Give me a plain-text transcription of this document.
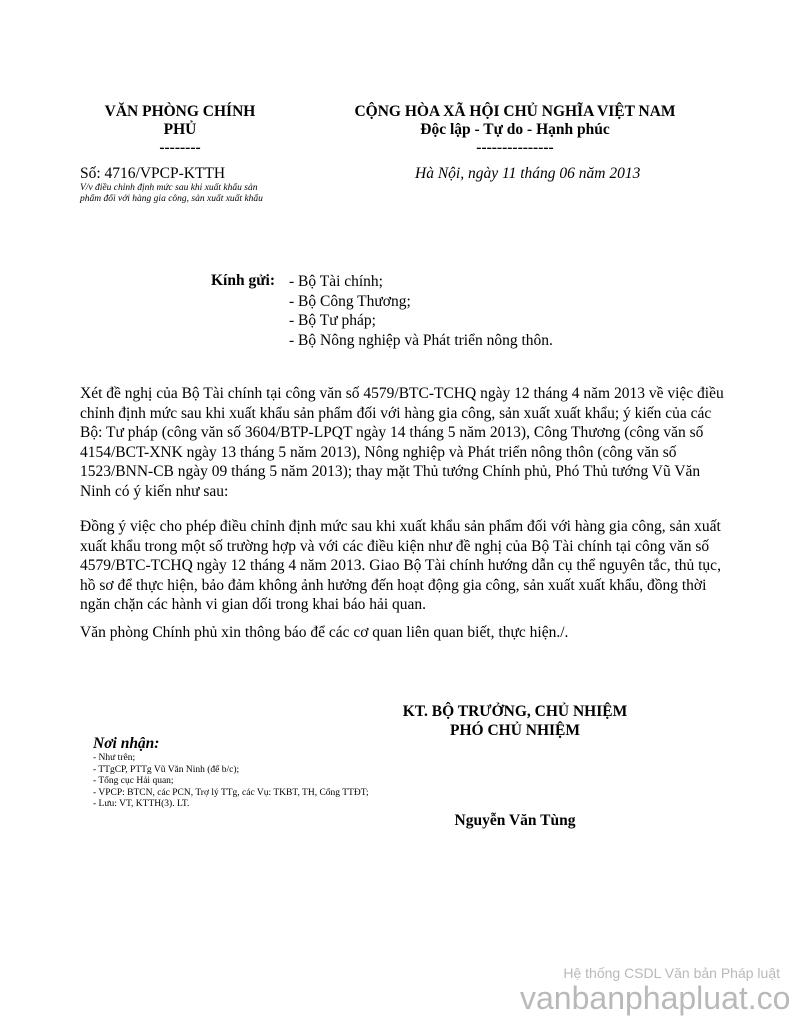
VĂN PHÒNG CHÍNH
PHỦ
--------
CỘNG HÒA XÃ HỘI CHỦ NGHĨA VIỆT NAM
Độc lập - Tự do - Hạnh phúc
---------------
Số: 4716/VPCP-KTTH
V/v điều chỉnh định mức sau khi xuất khẩu sản phẩm đối với hàng gia công, sản xuất xuất khẩu
Hà Nội, ngày 11 tháng 06 năm 2013
Kính gửi: - Bộ Tài chính;
- Bộ Công Thương;
- Bộ Tư pháp;
- Bộ Nông nghiệp và Phát triển nông thôn.

Xét đề nghị của Bộ Tài chính tại công văn số 4579/BTC-TCHQ ngày 12 tháng 4 năm 2013 về việc điều chỉnh định mức sau khi xuất khẩu sản phẩm đối với hàng gia công, sản xuất xuất khẩu; ý kiến của các Bộ: Tư pháp (công văn số 3604/BTP-LPQT ngày 14 tháng 5 năm 2013), Công Thương (công văn số 4154/BCT-XNK ngày 13 tháng 5 năm 2013), Nông nghiệp và Phát triển nông thôn (công văn số 1523/BNN-CB ngày 09 tháng 5 năm 2013); thay mặt Thủ tướng Chính phủ, Phó Thủ tướng Vũ Văn Ninh có ý kiến như sau:

Đồng ý việc cho phép điều chỉnh định mức sau khi xuất khẩu sản phẩm đối với hàng gia công, sản xuất xuất khẩu trong một số trường hợp và với các điều kiện như đề nghị của Bộ Tài chính tại công văn số 4579/BTC-TCHQ ngày 12 tháng 4 năm 2013. Giao Bộ Tài chính hướng dẫn cụ thể nguyên tắc, thủ tục, hồ sơ để thực hiện, bảo đảm không ảnh hưởng đến hoạt động gia công, sản xuất xuất khẩu, đồng thời ngăn chặn các hành vi gian dối trong khai báo hải quan.

Văn phòng Chính phủ xin thông báo để các cơ quan liên quan biết, thực hiện./.

KT. BỘ TRƯỞNG, CHỦ NHIỆM
PHÓ CHỦ NHIỆM
Nguyễn Văn Tùng
Nơi nhận:
- Như trên;
- TTgCP, PTTg Vũ Văn Ninh (để b/c);
- Tổng cục Hải quan;
- VPCP: BTCN, các PCN, Trợ lý TTg, các Vụ: TKBT, TH, Cổng TTĐT;
- Lưu: VT, KTTH(3). LT.
Hệ thống CSDL Văn bản Pháp luật
vanbanphapluat.co
